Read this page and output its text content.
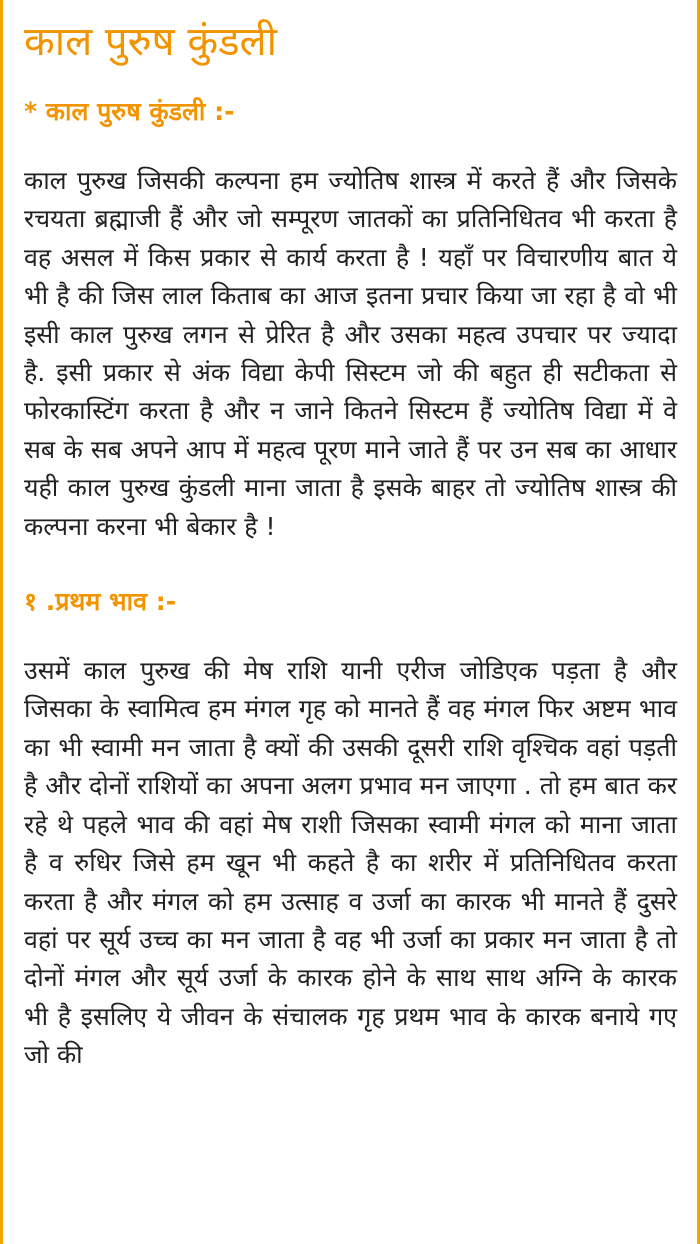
काल पुरुष कुंडली
* काल पुरुष कुंडली :-

काल पुरुख जिसकी कल्पना हम ज्योतिष शास्त्र में करते हैं और जिसके रचयता ब्रह्माजी हैं और जो सम्पूरण जातकों का प्रतिनिधितव भी करता है वह असल में किस प्रकार से कार्य करता है ! यहाँ पर विचारणीय बात ये भी है की जिस लाल किताब का आज इतना प्रचार किया जा रहा है वो भी इसी काल पुरुख लगन से प्रेरित है और उसका महत्व उपचार पर ज्यादा है. इसी प्रकार से अंक विद्या केपी सिस्टम जो की बहुत ही सटीकता से फोरकास्टिंग करता है और न जाने कितने सिस्टम हैं ज्योतिष विद्या में वे सब के सब अपने आप में महत्व पूरण माने जाते हैं पर उन सब का आधार यही काल पुरुख कुंडली माना जाता है इसके बाहर तो ज्योतिष शास्त्र की कल्पना करना भी बेकार है !

१ .प्रथम भाव :-

उसमें काल पुरुख की मेष राशि यानी एरीज जोडिएक पड़ता है और जिसका के स्वामित्व हम मंगल गृह को मानते हैं वह मंगल फिर अष्टम भाव का भी स्वामी मन जाता है क्यों की उसकी दूसरी राशि वृश्चिक वहां पड़ती है और दोनों राशियों का अपना अलग प्रभाव मन जाएगा . तो हम बात कर रहे थे पहले भाव की वहां मेष राशी जिसका स्वामी मंगल को माना जाता है व रुधिर जिसे हम खून भी कहते है का शरीर में प्रतिनिधितव करता करता है और मंगल को हम उत्साह व उर्जा का कारक भी मानते हैं दुसरे वहां पर सूर्य उच्च का मन जाता है वह भी उर्जा का प्रकार मन जाता है तो दोनों मंगल और सूर्य उर्जा के कारक होने के साथ साथ अग्नि के कारक भी है इसलिए ये जीवन के संचालक गृह प्रथम भाव के कारक बनाये गए जो की
